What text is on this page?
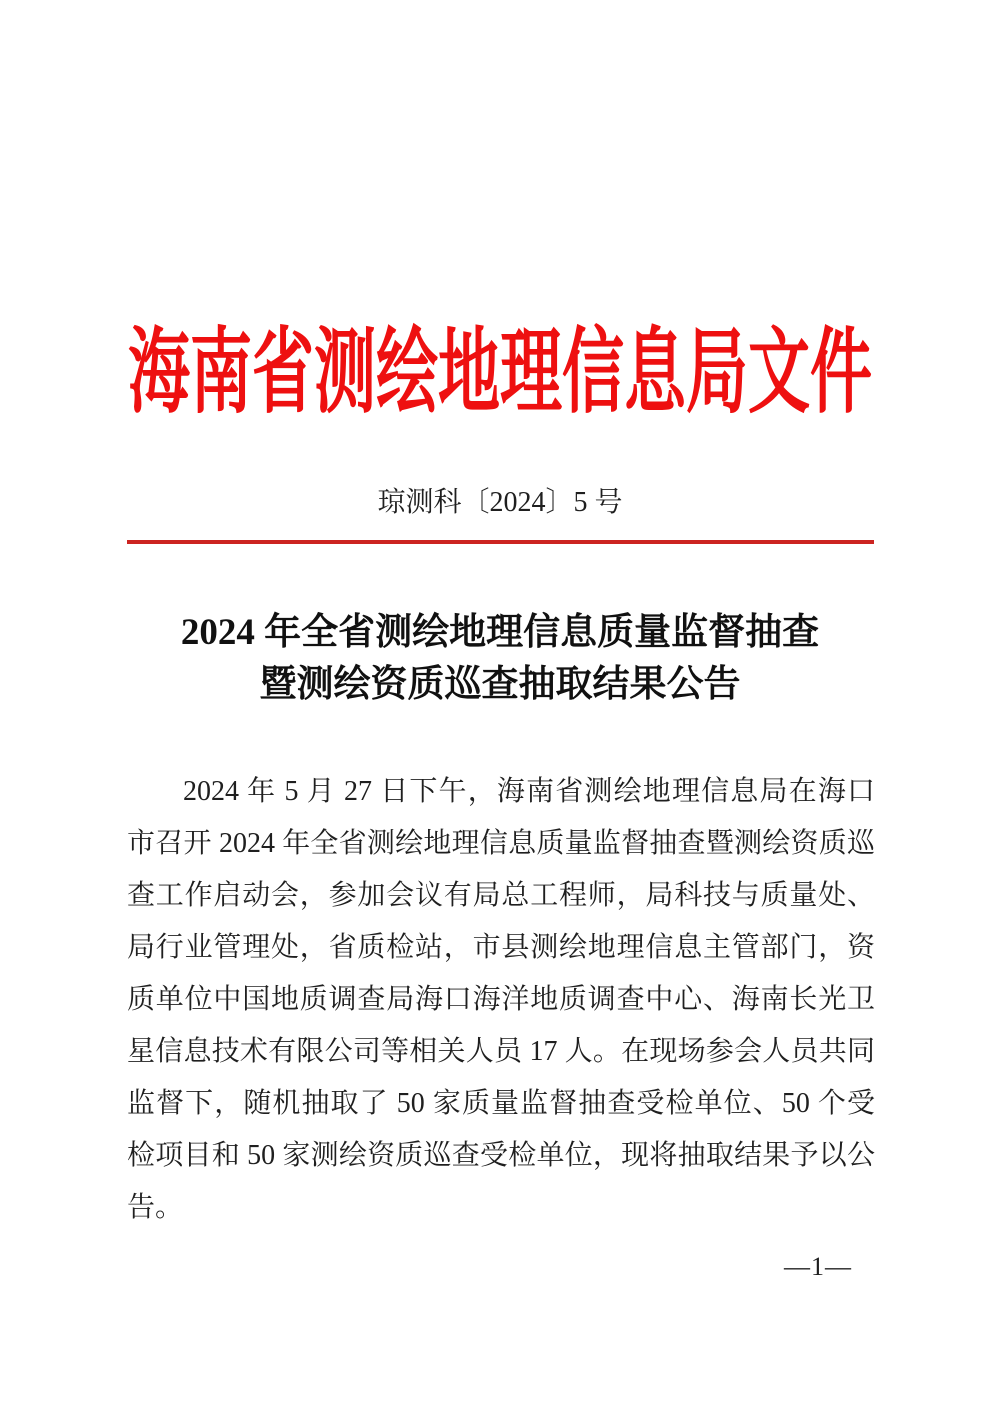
海南省测绘地理信息局文件
琼测科〔2024〕5 号
2024 年全省测绘地理信息质量监督抽查
暨测绘资质巡查抽取结果公告

2024 年 5 月 27 日下午，海南省测绘地理信息局在海口市召开 2024 年全省测绘地理信息质量监督抽查暨测绘资质巡查工作启动会，参加会议有局总工程师，局科技与质量处、局行业管理处，省质检站，市县测绘地理信息主管部门，资质单位中国地质调查局海口海洋地质调查中心、海南长光卫星信息技术有限公司等相关人员 17 人。在现场参会人员共同监督下，随机抽取了 50 家质量监督抽查受检单位、50 个受检项目和 50 家测绘资质巡查受检单位，现将抽取结果予以公告。

—1—
